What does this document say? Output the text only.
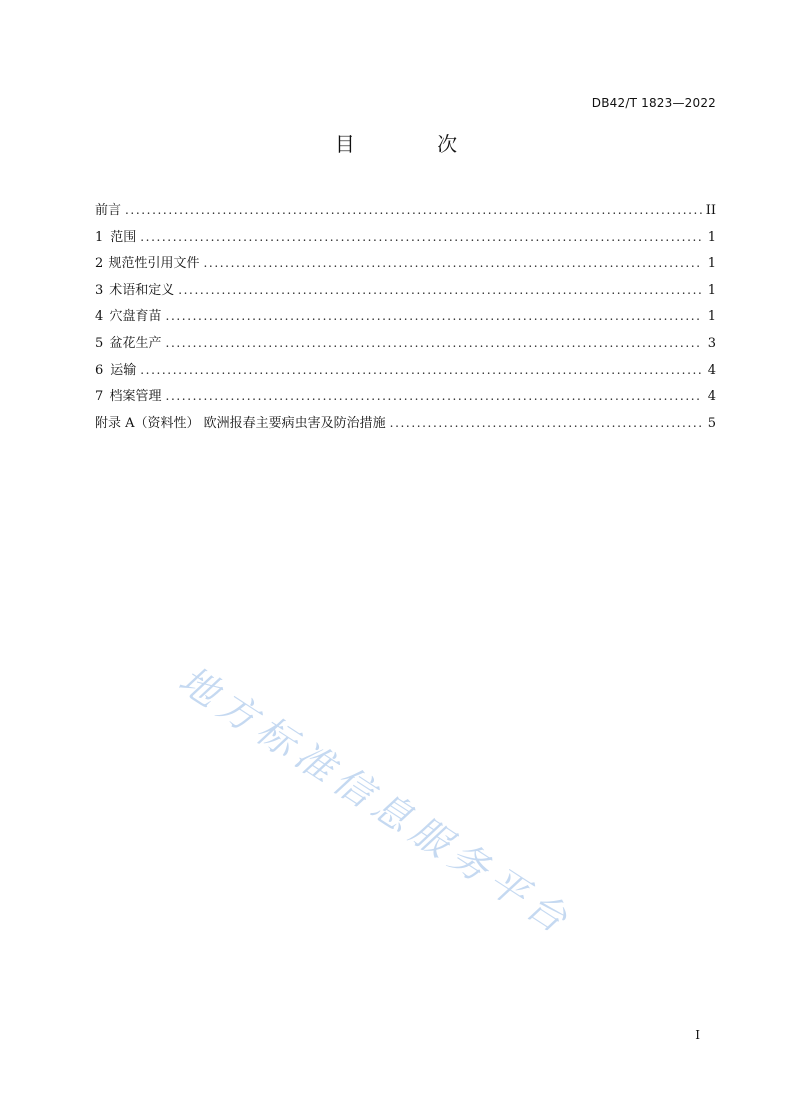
DB42/T 1823—2022
目 次
前言 .....	II
1 范围 .....	1
2 规范性引用文件 .....	1
3 术语和定义 .....	1
4 穴盘育苗 .....	1
5 盆花生产 .....	3
6 运输 .....	4
7 档案管理 .....	4
附录 A（资料性） 欧洲报春主要病虫害及防治措施 .....	5
地方标准信息服务平台
I
